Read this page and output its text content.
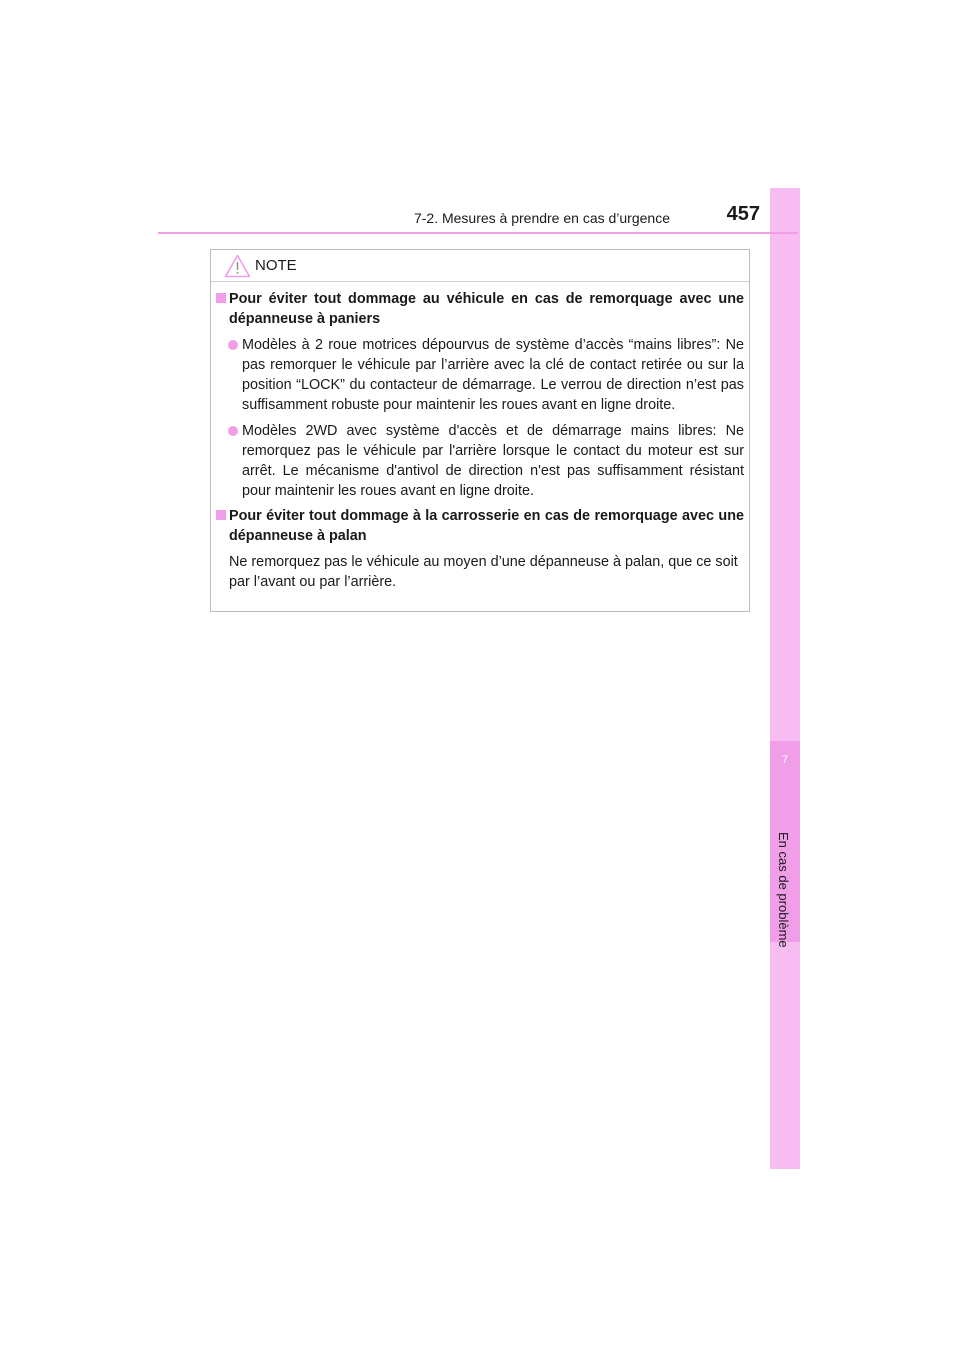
7
En cas de problème
7-2. Mesures à prendre en cas d’urgence	457
NOTE
Pour éviter tout dommage au véhicule en cas de remorquage avec une dépanneuse à paniers
Modèles à 2 roue motrices dépourvus de système d’accès “mains libres”: Ne pas remorquer le véhicule par l’arrière avec la clé de contact retirée ou sur la position “LOCK” du contacteur de démarrage. Le verrou de direction n’est pas suffisamment robuste pour maintenir les roues avant en ligne droite.
Modèles 2WD avec système d'accès et de démarrage mains libres: Ne remorquez pas le véhicule par l'arrière lorsque le contact du moteur est sur arrêt. Le mécanisme d'antivol de direction n'est pas suffisamment résistant pour maintenir les roues avant en ligne droite.
Pour éviter tout dommage à la carrosserie en cas de remorquage avec une dépanneuse à palan
Ne remorquez pas le véhicule au moyen d’une dépanneuse à palan, que ce soit par l’avant ou par l’arrière.
